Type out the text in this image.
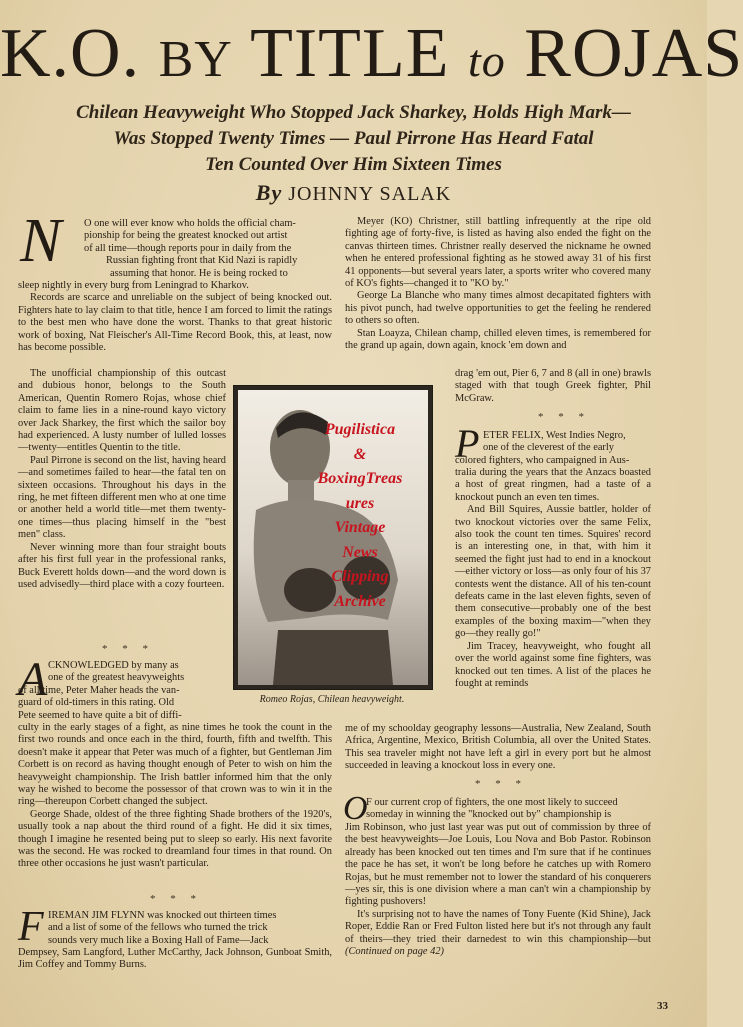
K.O. BY TITLE to ROJAS
Chilean Heavyweight Who Stopped Jack Sharkey, Holds High Mark—
Was Stopped Twenty Times — Paul Pirrone Has Heard Fatal
Ten Counted Over Him Sixteen Times
By JOHNNY SALAK
N O one will ever know who holds the official cham-
pionship for being the greatest knocked out artist
of all time—though reports pour in daily from the
Russian fighting front that Kid Nazi is rapidly
assuming that honor. He is being rocked to

sleep nightly in every burg from Leningrad to Kharkov.

Records are scarce and unreliable on the subject of being knocked out. Fighters hate to lay claim to that title, hence I am forced to limit the ratings to the best men who have done the worst. Thanks to that great historic work of boxing, Nat Fleischer's All-Time Record Book, this, at least, now has become possible.

The unofficial championship of this outcast and dubious honor, belongs to the South American, Quentin Romero Rojas, whose chief claim to fame lies in a nine-round kayo victory over Jack Sharkey, the first which the sailor boy had experienced. A lusty number of lulled losses—twenty—entitles Quentin to the title.

Paul Pirrone is second on the list, having heard—and sometimes failed to hear—the fatal ten on sixteen occasions. Throughout his days in the ring, he met fifteen different men who at one time or another held a world title—met them twenty-one times—thus placing himself in the "best men" class.

Never winning more than four straight bouts after his first full year in the professional ranks, Buck Everett holds down—and the word down is used advisedly—third place with a cozy fourteen.

* * *
A CKNOWLEDGED by many as
one of the greatest heavyweights
of all time, Peter Maher heads the van-
guard of old-timers in this rating. Old
Pete seemed to have quite a bit of diffi-

culty in the early stages of a fight, as nine times he took the count in the first two rounds and once each in the third, fourth, fifth and twelfth. This doesn't make it appear that Peter was much of a fighter, but Gentleman Jim Corbett is on record as having thought enough of Peter to wish on him the heavyweight championship. The Irish battler informed him that the only way he wished to become the possessor of that crown was to win it in the ring—thereupon Corbett changed the subject.

George Shade, oldest of the three fighting Shade brothers of the 1920's, usually took a nap about the third round of a fight. He did it six times, though I imagine he resented being put to sleep so early. His next favorite was the second. He was rocked to dreamland four times in that round. On three other occasions he just wasn't particular.

* * *
F IREMAN JIM FLYNN was knocked out thirteen times
and a list of some of the fellows who turned the trick
sounds very much like a Boxing Hall of Fame—Jack

Dempsey, Sam Langford, Luther McCarthy, Jack Johnson, Gunboat Smith, Jim Coffey and Tommy Burns.

Pugilistica
&
BoxingTreas
ures
Vintage
News
Clipping
Archive
Romeo Rojas, Chilean heavyweight.

Meyer (KO) Christner, still battling infrequently at the ripe old fighting age of forty-five, is listed as having also ended the fight on the canvas thirteen times. Christner really deserved the nickname he owned when he entered professional fighting as he stowed away 31 of his first 41 opponents—but several years later, a sports writer who covered many of KO's fights—changed it to "KO by."

George La Blanche who many times almost decapitated fighters with his pivot punch, had twelve opportunities to get the feeling he rendered to others so often.

Stan Loayza, Chilean champ, chilled eleven times, is remembered for the grand up again, down again, knock 'em down and

drag 'em out, Pier 6, 7 and 8 (all in one) brawls staged with that tough Greek fighter, Phil McGraw.

* * *
P ETER FELIX, West Indies Negro,
one of the cleverest of the early
colored fighters, who campaigned in Aus-

tralia during the years that the Anzacs boasted a host of great ringmen, had a taste of a knockout punch an even ten times.

And Bill Squires, Aussie battler, holder of two knockout victories over the same Felix, also took the count ten times. Squires' record is an interesting one, in that, with him it seemed the fight just had to end in a knockout—either victory or loss—as only four of his 37 contests went the distance. All of his ten-count defeats came in the last eleven fights, seven of them consecutive—probably one of the best examples of the boxing maxim—"when they go—they really go!"

Jim Tracey, heavyweight, who fought all over the world against some fine fighters, was knocked out ten times. A list of the places he fought at reminds

me of my schoolday geography lessons—Australia, New Zealand, South Africa, Argentine, Mexico, British Columbia, all over the United States. This sea traveler might not have left a girl in every port but he almost succeeded in leaving a knockout loss in every one.

* * *
O
F our current crop of fighters, the one most likely to succeed
someday in winning the "knocked out by" championship is

Jim Robinson, who just last year was put out of commission by three of the best heavyweights—Joe Louis, Lou Nova and Bob Pastor. Robinson already has been knocked out ten times and I'm sure that if he continues the pace he has set, it won't be long before he catches up with Romero Rojas, but he must remember not to lower the standard of his conquerers—yes sir, this is one division where a man can't win a championship by fighting pushovers!

It's surprising not to have the names of Tony Fuente (Kid Shine), Jack Roper, Eddie Ran or Fred Fulton listed here but it's not through any fault of theirs—they tried their darnedest to win this championship—but (Continued on page 42)

33
